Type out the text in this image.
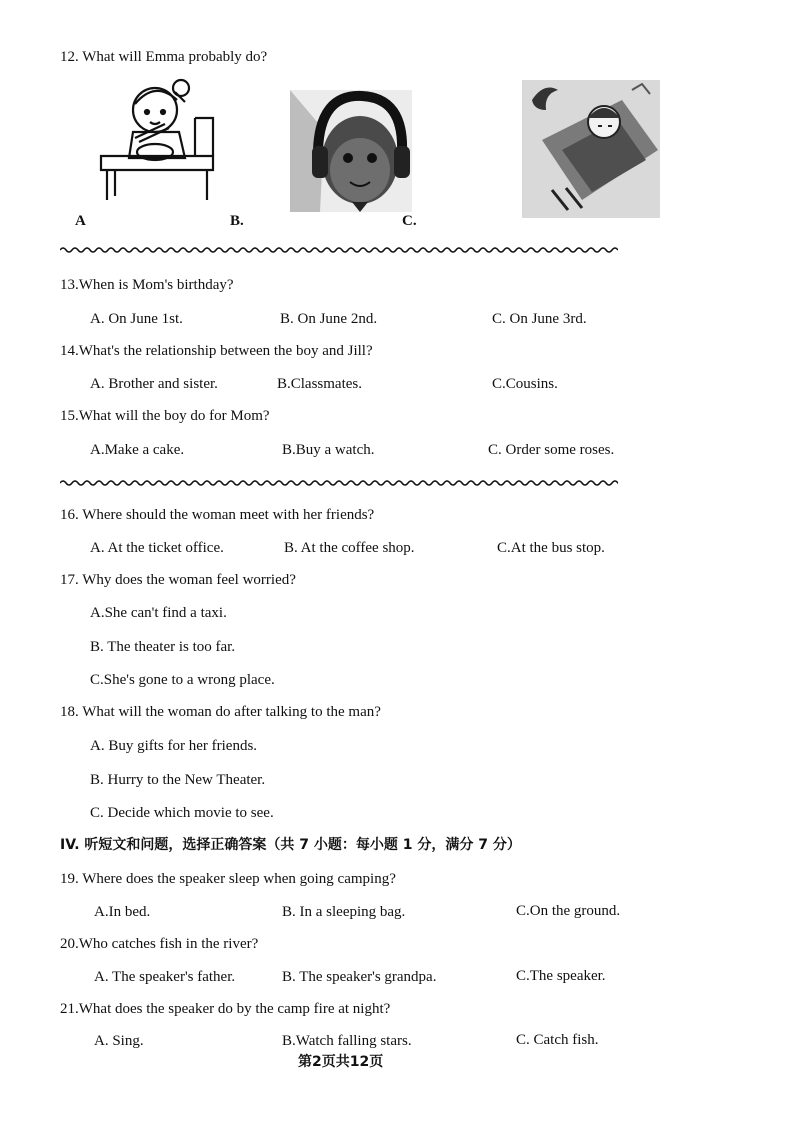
12. What will Emma probably do?
A	B.	C.
13.When is Mom's birthday?
A. On June 1st.	B. On June 2nd.	C. On June 3rd.
14.What's the relationship between the boy and Jill?
A. Brother and sister.	B.Classmates.	C.Cousins.
15.What will the boy do for Mom?
A.Make a cake.	B.Buy a watch.	C. Order some roses.
16. Where should the woman meet with her friends?
A. At the ticket office.	B. At the coffee shop.	C.At the bus stop.
17. Why does the woman feel worried?
A.She can't find a taxi.
B. The theater is too far.
C.She's gone to a wrong place.
18. What will the woman do after talking to the man?
A. Buy gifts for her friends.
B. Hurry to the New Theater.
C. Decide which movie to see.
IV. 听短文和问题，选择正确答案（共 7 小题：每小题 1 分，满分 7 分）
19. Where does the speaker sleep when going camping?
A.In bed.	B. In a sleeping bag.	C.On the ground.
20.Who catches fish in the river?
A. The speaker's father.	B. The speaker's grandpa.	C.The speaker.
21.What does the speaker do by the camp fire at night?
A. Sing.	B.Watch falling stars.	C. Catch fish.
第2页共12页
